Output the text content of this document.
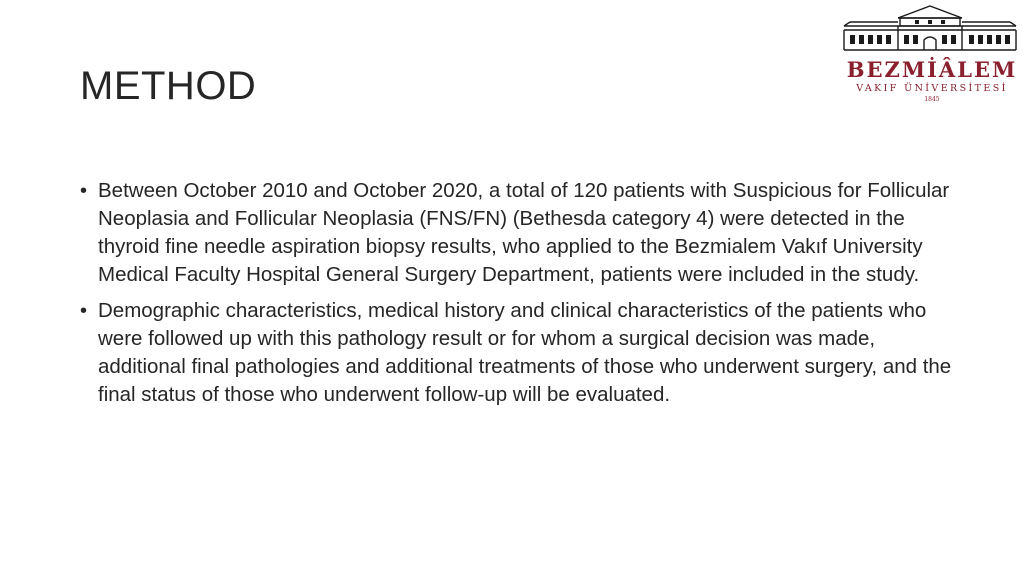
METHOD	BEZMİÂLEM
VAKIF ÜNİVERSİTESİ
1845
• Between October 2010 and October 2020, a total of 120 patients with Suspicious for Follicular Neoplasia and Follicular Neoplasia (FNS/FN) (Bethesda category 4) were detected in the thyroid fine needle aspiration biopsy results, who applied to the Bezmialem Vakıf University Medical Faculty Hospital General Surgery Department, patients were included in the study.
• Demographic characteristics, medical history and clinical characteristics of the patients who were followed up with this pathology result or for whom a surgical decision was made, additional final pathologies and additional treatments of those who underwent surgery, and the final status of those who underwent follow-up will be evaluated.
